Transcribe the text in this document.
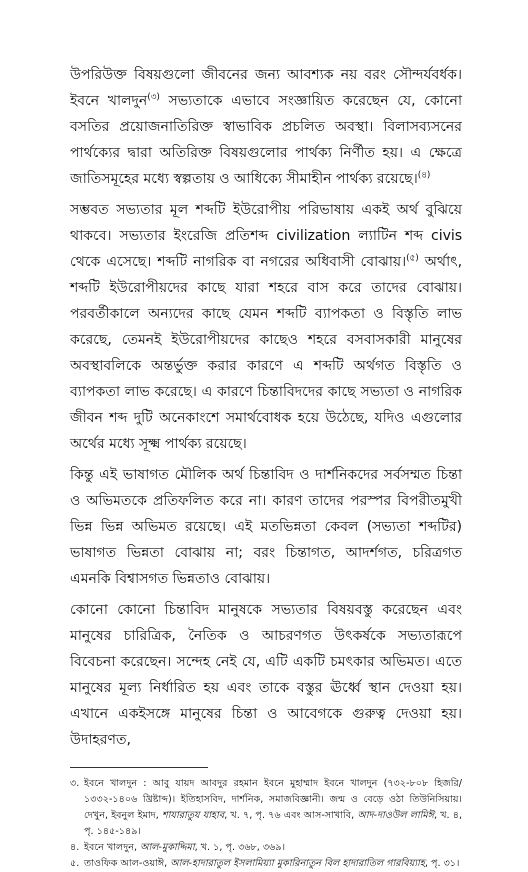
উপরিউক্ত বিষয়গুলো জীবনের জন্য আবশ্যক নয় বরং সৌন্দর্যবর্ধক। ইবনে খালদুন$^{(৩)}$ সভ্যতাকে এভাবে সংজ্ঞায়িত করেছেন যে, কোনো বসতির প্রয়োজনাতিরিক্ত স্বাভাবিক প্রচলিত অবস্থা। বিলাসব্যসনের পার্থক্যের দ্বারা অতিরিক্ত বিষয়গুলোর পার্থক্য নির্ণীত হয়। এ ক্ষেত্রে জাতিসমূহের মধ্যে স্বল্পতায় ও আধিক্যে সীমাহীন পার্থক্য রয়েছে।$^{(৪)}$

সম্ভবত সভ্যতার মূল শব্দটি ইউরোপীয় পরিভাষায় একই অর্থ বুঝিয়ে থাকবে। সভ্যতার ইংরেজি প্রতিশব্দ civilization ল্যাটিন শব্দ civis থেকে এসেছে। শব্দটি নাগরিক বা নগরের অধিবাসী বোঝায়।$^{(৫)}$ অর্থাৎ, শব্দটি ইউরোপীয়দের কাছে যারা শহরে বাস করে তাদের বোঝায়। পরবর্তীকালে অন্যদের কাছে যেমন শব্দটি ব্যাপকতা ও বিস্তৃতি লাভ করেছে, তেমনই ইউরোপীয়দের কাছেও শহরে বসবাসকারী মানুষের অবস্থাবলিকে অন্তর্ভুক্ত করার কারণে এ শব্দটি অর্থগত বিস্তৃতি ও ব্যাপকতা লাভ করেছে। এ কারণে চিন্তাবিদদের কাছে সভ্যতা ও নাগরিক জীবন শব্দ দুটি অনেকাংশে সমার্থবোধক হয়ে উঠেছে, যদিও এগুলোর অর্থের মধ্যে সূক্ষ্ম পার্থক্য রয়েছে।

কিন্তু এই ভাষাগত মৌলিক অর্থ চিন্তাবিদ ও দার্শনিকদের সর্বসম্মত চিন্তা ও অভিমতকে প্রতিফলিত করে না। কারণ তাদের পরস্পর বিপরীতমুখী ভিন্ন ভিন্ন অভিমত রয়েছে। এই মতভিন্নতা কেবল (সভ্যতা শব্দটির) ভাষাগত ভিন্নতা বোঝায় না; বরং চিন্তাগত, আদর্শগত, চরিত্রগত এমনকি বিশ্বাসগত ভিন্নতাও বোঝায়।

কোনো কোনো চিন্তাবিদ মানুষকে সভ্যতার বিষয়বস্তু করেছেন এবং মানুষের চারিত্রিক, নৈতিক ও আচরণগত উৎকর্ষকে সভ্যতারূপে বিবেচনা করেছেন। সন্দেহ নেই যে, এটি একটি চমৎকার অভিমত। এতে মানুষের মূল্য নির্ধারিত হয় এবং তাকে বস্তুর ঊর্ধ্বে স্থান দেওয়া হয়। এখানে একইসঙ্গে মানুষের চিন্তা ও আবেগকে গুরুত্ব দেওয়া হয়। উদাহরণত,

৩. ইবনে খালদুন : আবু যায়দ আবদুর রহমান ইবনে মুহাম্মাদ ইবনে খালদুন (৭৩২-৮০৮ হিজরি/ ১৩৩২-১৪০৬ খ্রিষ্টাব্দ)। ইতিহাসবিদ, দার্শনিক, সমাজবিজ্ঞানী। জন্ম ও বেড়ে ওঠা তিউনিসিয়ায়। দেখুন, ইবনুল ইমাদ, শাযারাতুয যাহাব, খ. ৭, পৃ. ৭৬ এবং আস-সাখাবি, আদ-দাওউল লামিঈ, খ. ৪, পৃ. ১৪৫-১৪৯।

৪. ইবনে খালদুন, আল-মুকাদ্দিমা, খ. ১, পৃ. ৩৬৮, ৩৬৯।

৫. তাওফিক আল-ওয়াঈ, আল-হাদারাতুল ইসলামিয়্যা মুকারিনাতুন বিল হাদারাতিল গারবিয়্যাহ, পৃ. ৩১।
